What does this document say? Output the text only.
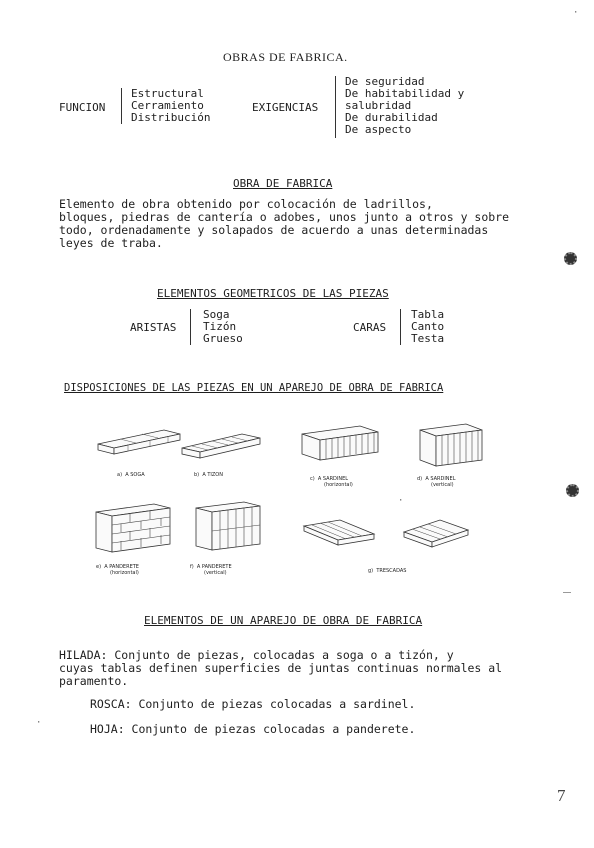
OBRAS DE FABRICA.
FUNCION
Estructural
Cerramiento
Distribución
EXIGENCIAS
De seguridad
De habitabilidad y
salubridad
De durabilidad
De aspecto
OBRA DE FABRICA
Elemento de obra obtenido por colocación de ladrillos,
bloques, piedras de cantería o adobes, unos junto a otros y sobre
todo, ordenadamente y solapados de acuerdo a unas determinadas
leyes de traba.
ELEMENTOS GEOMETRICOS DE LAS PIEZAS
ARISTAS
Soga
Tizón
Grueso
CARAS
Tabla
Canto
Testa
DISPOSICIONES DE LAS PIEZAS EN UN APAREJO DE OBRA DE FABRICA
a) A SOGA	b) A TIZON
c) A SARDINEL
(horizontal)
d) A SARDINEL
(vertical)
e) A PANDERETE
(horizontal)
f) A PANDERETE
(vertical)	g) TRESCADAS
ELEMENTOS DE UN APAREJO DE OBRA DE FABRICA
HILADA: Conjunto de piezas, colocadas a soga o a tizón, y
cuyas tablas definen superficies de juntas continuas normales al
paramento.
ROSCA: Conjunto de piezas colocadas a sardinel.
HOJA: Conjunto de piezas colocadas a panderete.
7
·
·
·
